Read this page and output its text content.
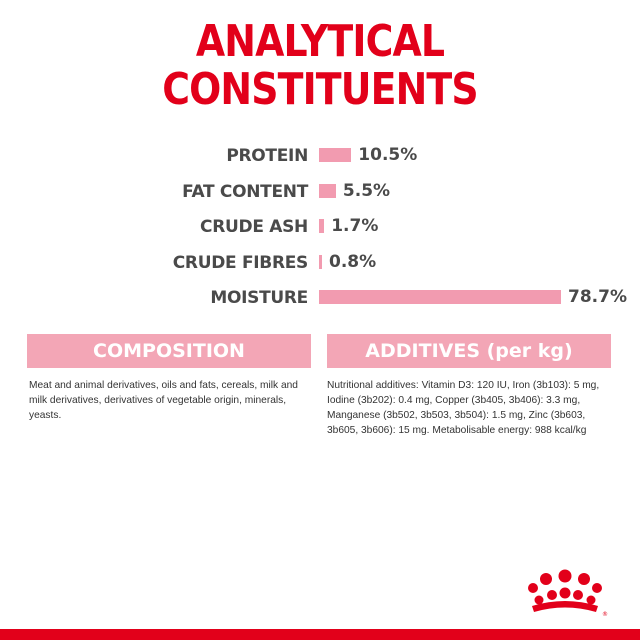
ANALYTICAL
CONSTITUENTS
PROTEIN	10.5%
FAT CONTENT 5.5%
CRUDE ASH 1.7%
CRUDE FIBRES 0.8%
MOISTURE	78.7%
COMPOSITION
Meat and animal derivatives, oils and fats, cereals, milk and milk derivatives, derivatives of vegetable origin, minerals, yeasts.
ADDITIVES (per kg)
Nutritional additives: Vitamin D3: 120 IU, Iron (3b103): 5 mg, Iodine (3b202): 0.4 mg, Copper (3b405, 3b406): 3.3 mg, Manganese (3b502, 3b503, 3b504): 1.5 mg, Zinc (3b603, 3b605, 3b606): 15 mg. Metabolisable energy: 988 kcal/kg
®
